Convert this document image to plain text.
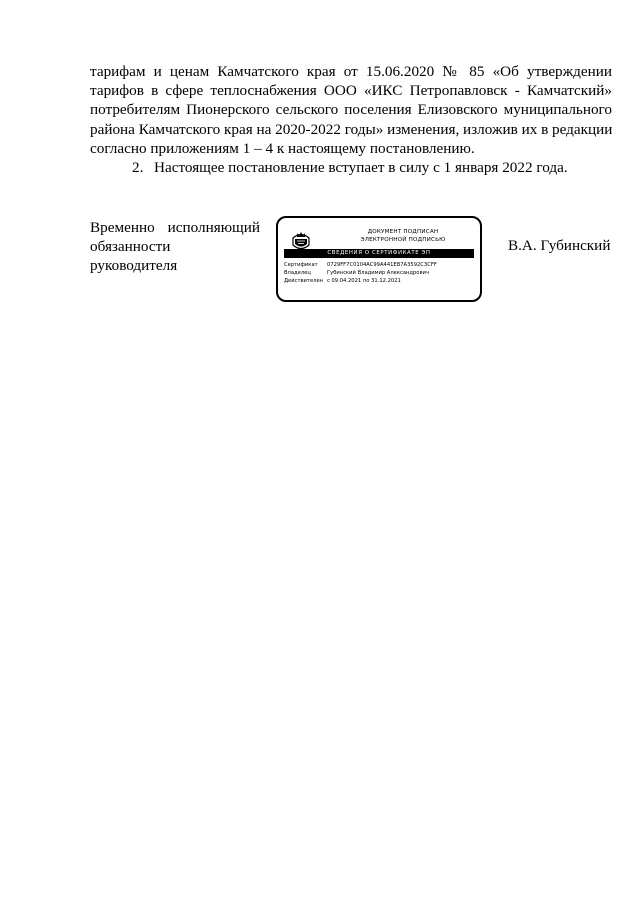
тарифам и ценам Камчатского края от 15.06.2020 № 85 «Об утверждении
тарифов в сфере теплоснабжения ООО «ИКС Петропавловск - Камчатский»
потребителям Пионерского сельского поселения Елизовского муниципального
района Камчатского края на 2020-2022 годы» изменения, изложив их в редакции
согласно приложениям 1 – 4 к настоящему постановлению.
2. Настоящее постановление вступает в силу с 1 января 2022 года.
Временно исполняющий
обязанности
руководителя
ДОКУМЕНТ ПОДПИСАН
ЭЛЕКТРОННОЙ ПОДПИСЬЮ
СВЕДЕНИЯ О СЕРТИФИКАТЕ ЭП
Сертификат 0729FF7C0104AC99A441EB7A3592C3CFF
Владелец	Губинский Владимир Александрович
Действителен с 09.04.2021 по 31.12.2021
В.А. Губинский
